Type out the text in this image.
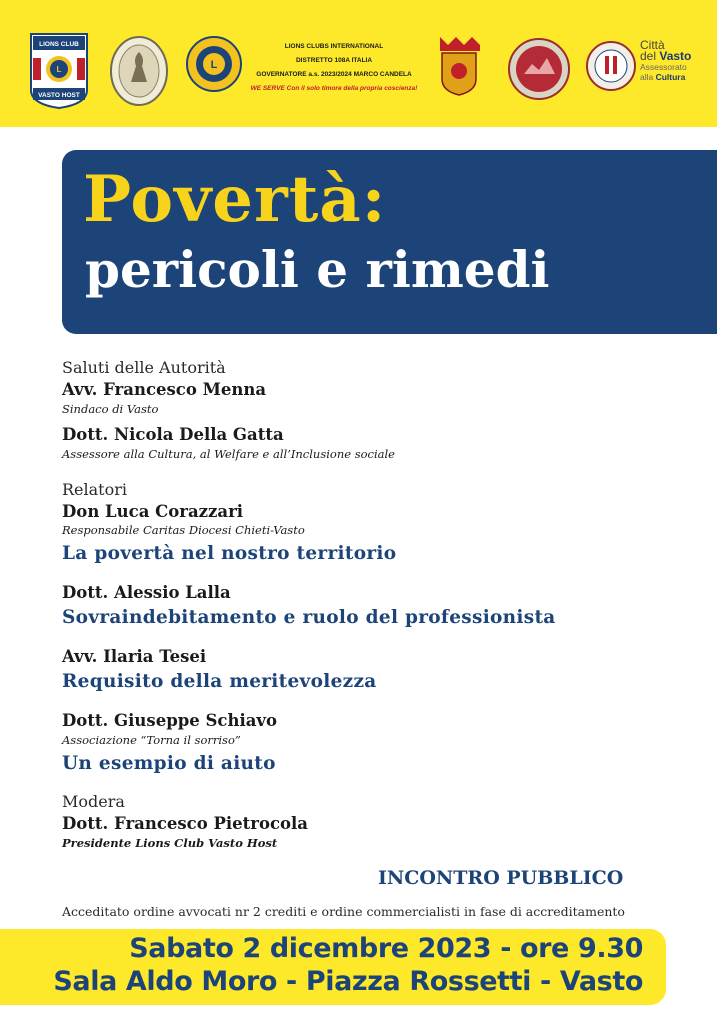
L
LIONS CLUB
VASTO HOST
L
LIONS CLUBS INTERNATIONAL
DISTRETTO 108A ITALIA
GOVERNATORE a.s. 2023/2024 MARCO CANDELA
WE SERVE Con il solo timore della propria coscienza!
Città
del Vasto
Assessorato
alla Cultura
Povertà:
pericoli e rimedi
Saluti delle Autorità
Avv. Francesco Menna
Sindaco di Vasto
Dott. Nicola Della Gatta
Assessore alla Cultura, al Welfare e all’Inclusione sociale
Relatori
Don Luca Corazzari
Responsabile Caritas Diocesi Chieti-Vasto
La povertà nel nostro territorio
Dott. Alessio Lalla
Sovraindebitamento e ruolo del professionista
Avv. Ilaria Tesei
Requisito della meritevolezza
Dott. Giuseppe Schiavo
Associazione “Torna il sorriso”
Un esempio di aiuto
Modera
Dott. Francesco Pietrocola
Presidente Lions Club Vasto Host
INCONTRO PUBBLICO
Acceditato ordine avvocati nr 2 crediti e ordine commercialisti in fase di accreditamento
Sabato 2 dicembre 2023 - ore 9.30
Sala Aldo Moro - Piazza Rossetti - Vasto
